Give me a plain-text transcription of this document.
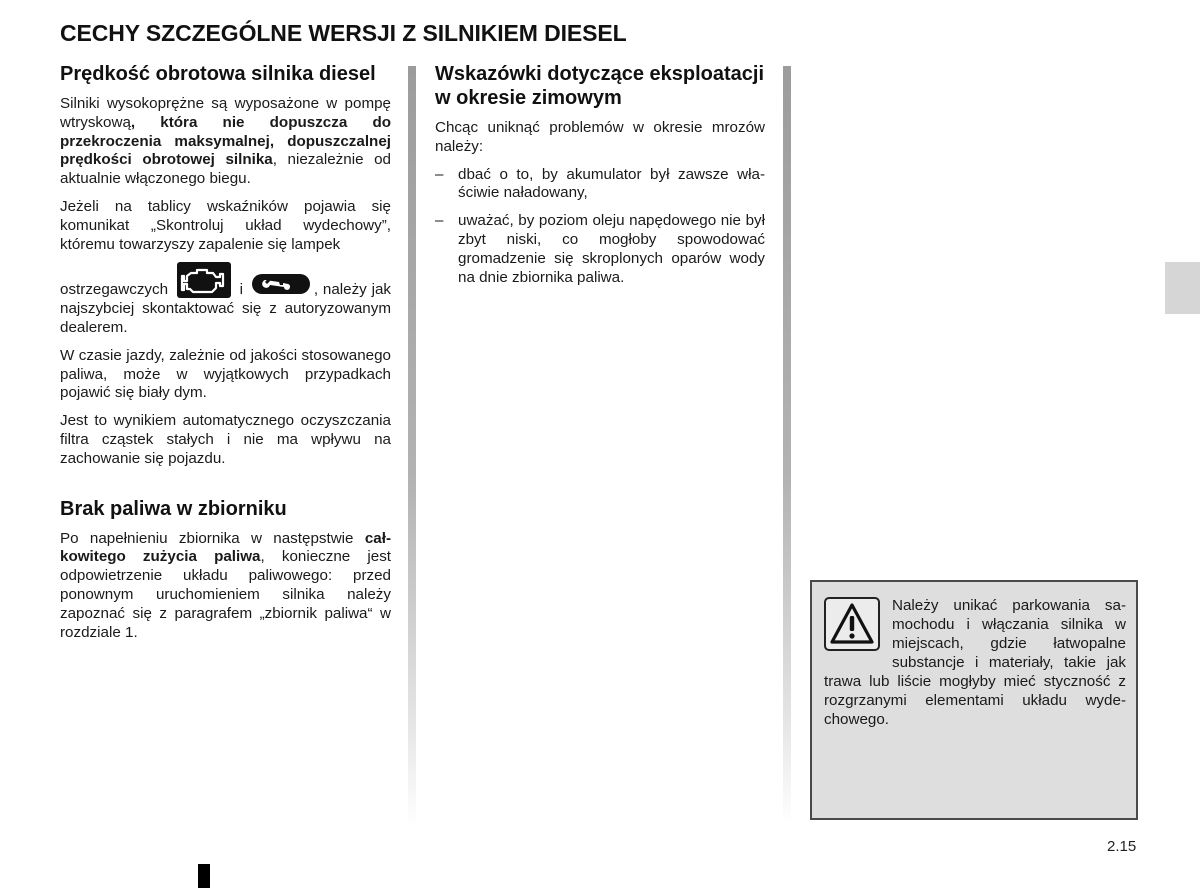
CECHY SZCZEGÓLNE WERSJI Z SILNIKIEM DIESEL
Prędkość obrotowa silnika diesel

Silniki wysokoprężne są wyposażone w pompę wtryskową, która nie dopuszcza do przekroczenia maksymalnej, dopuszczalnej prędkości obrotowej silnika, niezależnie od aktualnie włączonego biegu.

Jeżeli na tablicy wskaźników pojawia się komunikat „Skontroluj układ wydechowy”, któremu towarzyszy zapalenie się lampek
ostrzegawczych	i	, należy jak najszybciej skontaktować się z autoryzowanym dealerem.

W czasie jazdy, zależnie od jakości stosowanego paliwa, może w wyjątkowych przypadkach pojawić się biały dym.

Jest to wynikiem automatycznego oczyszczania filtra cząstek stałych i nie ma wpływu na zachowanie się pojazdu.

Brak paliwa w zbiorniku

Po napełnieniu zbiornika w następstwie całkowitego zużycia paliwa, konieczne jest odpowietrzenie układu paliwowego: przed ponownym uruchomieniem silnika należy zapoznać się z paragrafem „zbiornik paliwa“ w rozdziale 1.

Wskazówki dotyczące eksploatacji w okresie zimowym

Chcąc uniknąć problemów w okresie mrozów należy:

– dbać o to, by akumulator był zawsze właściwie naładowany,

– uważać, by poziom oleju napędowego nie był zbyt niski, co mogłoby spowodować gromadzenie się skroplonych oparów wody na dnie zbiornika paliwa.

Należy unikać parkowania samochodu i włączania silnika w miejscach, gdzie łatwopalne substancje i materiały, takie jak trawa lub liście mogłyby mieć styczność z rozgrzanymi elementami układu wydechowego.

2.15
